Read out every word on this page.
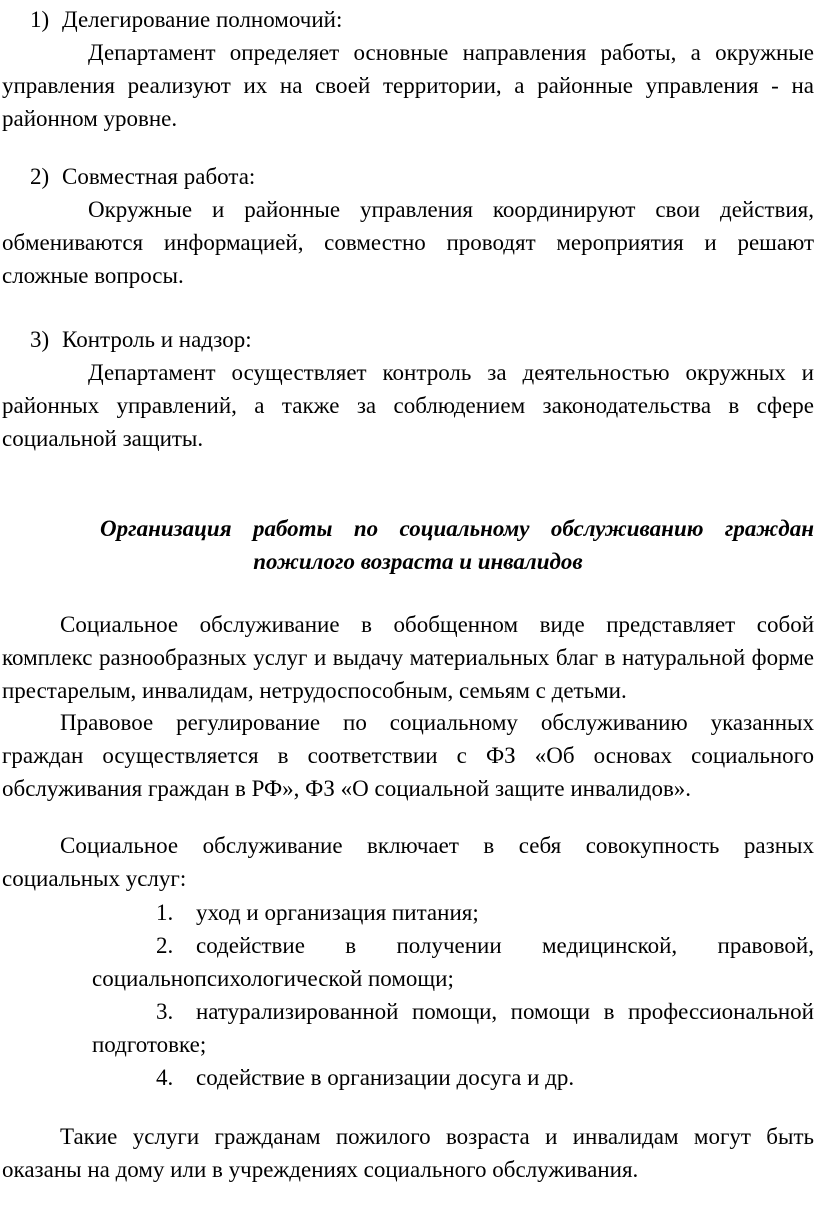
1) Делегирование полномочий:
Департамент определяет основные направления работы, а окружные управления реализуют их на своей территории, а районные управления - на районном уровне.
2) Совместная работа:
Окружные и районные управления координируют свои действия, обмениваются информацией, совместно проводят мероприятия и решают сложные вопросы.
3) Контроль и надзор:
Департамент осуществляет контроль за деятельностью окружных и районных управлений, а также за соблюдением законодательства в сфере социальной защиты.
Организация работы по социальному обслуживанию граждан
пожилого возраста и инвалидов
Социальное обслуживание в обобщенном виде представляет собой комплекс разнообразных услуг и выдачу материальных благ в натуральной форме престарелым, инвалидам, нетрудоспособным, семьям с детьми.
Правовое регулирование по социальному обслуживанию указанных граждан осуществляется в соответствии с ФЗ «Об основах социального обслуживания граждан в РФ», ФЗ «О социальной защите инвалидов».
Социальное обслуживание включает в себя совокупность разных социальных услуг:
1. уход и организация питания;
2. содействие в получении медицинской, правовой, социальнопсихологической помощи;
3. натурализированной помощи, помощи в профессиональной подготовке;
4. содействие в организации досуга и др.
Такие услуги гражданам пожилого возраста и инвалидам могут быть оказаны на дому или в учреждениях социального обслуживания.
